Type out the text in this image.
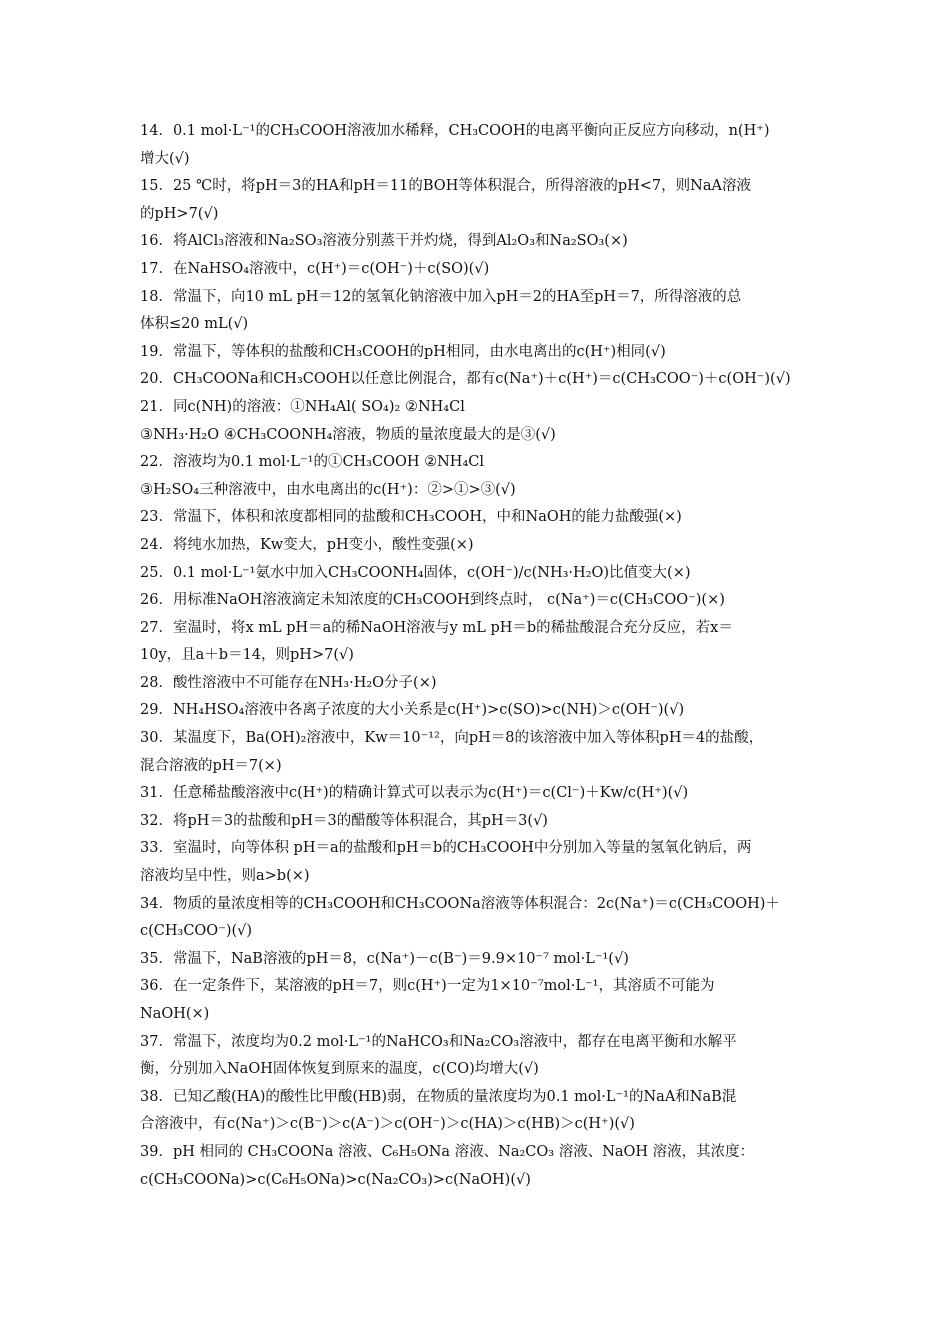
14．0.1 mol·L⁻¹的CH₃COOH溶液加水稀释，CH₃COOH的电离平衡向正反应方向移动，n(H⁺)
增大(√)
15．25 ℃时，将pH＝3的HA和pH＝11的BOH等体积混合，所得溶液的pH<7，则NaA溶液
的pH>7(√)
16．将AlCl₃溶液和Na₂SO₃溶液分别蒸干并灼烧，得到Al₂O₃和Na₂SO₃(×)
17．在NaHSO₄溶液中，c(H⁺)＝c(OH⁻)＋c(SO)(√)
18．常温下，向10 mL pH＝12的氢氧化钠溶液中加入pH＝2的HA至pH＝7，所得溶液的总
体积≤20 mL(√)
19．常温下，等体积的盐酸和CH₃COOH的pH相同，由水电离出的c(H⁺)相同(√)
20．CH₃COONa和CH₃COOH以任意比例混合，都有c(Na⁺)＋c(H⁺)＝c(CH₃COO⁻)＋c(OH⁻)(√)
21．同c(NH)的溶液：①NH₄Al( SO₄)₂ ②NH₄Cl
③NH₃·H₂O ④CH₃COONH₄溶液，物质的量浓度最大的是③(√)
22．溶液均为0.1 mol·L⁻¹的①CH₃COOH ②NH₄Cl
③H₂SO₄三种溶液中，由水电离出的c(H⁺)：②>①>③(√)
23．常温下，体积和浓度都相同的盐酸和CH₃COOH，中和NaOH的能力盐酸强(×)
24．将纯水加热，Kw变大，pH变小，酸性变强(×)
25．0.1 mol·L⁻¹氨水中加入CH₃COONH₄固体，c(OH⁻)/c(NH₃·H₂O)比值变大(×)
26．用标准NaOH溶液滴定未知浓度的CH₃COOH到终点时， c(Na⁺)＝c(CH₃COO⁻)(×)
27．室温时，将x mL pH＝a的稀NaOH溶液与y mL pH＝b的稀盐酸混合充分反应，若x＝
10y，且a＋b＝14，则pH>7(√)
28．酸性溶液中不可能存在NH₃·H₂O分子(×)
29．NH₄HSO₄溶液中各离子浓度的大小关系是c(H⁺)>c(SO)>c(NH)＞c(OH⁻)(√)
30．某温度下，Ba(OH)₂溶液中，Kw＝10⁻¹²，向pH＝8的该溶液中加入等体积pH＝4的盐酸，
混合溶液的pH＝7(×)
31．任意稀盐酸溶液中c(H⁺)的精确计算式可以表示为c(H⁺)＝c(Cl⁻)＋Kw/c(H⁺)(√)
32．将pH＝3的盐酸和pH＝3的醋酸等体积混合，其pH＝3(√)
33．室温时，向等体积 pH＝a的盐酸和pH＝b的CH₃COOH中分别加入等量的氢氧化钠后，两
溶液均呈中性，则a>b(×)
34．物质的量浓度相等的CH₃COOH和CH₃COONa溶液等体积混合：2c(Na⁺)＝c(CH₃COOH)＋
c(CH₃COO⁻)(√)
35．常温下，NaB溶液的pH＝8，c(Na⁺)－c(B⁻)＝9.9×10⁻⁷ mol·L⁻¹(√)
36．在一定条件下，某溶液的pH＝7，则c(H⁺)一定为1×10⁻⁷mol·L⁻¹，其溶质不可能为
NaOH(×)
37．常温下，浓度均为0.2 mol·L⁻¹的NaHCO₃和Na₂CO₃溶液中，都存在电离平衡和水解平
衡，分别加入NaOH固体恢复到原来的温度，c(CO)均增大(√)
38．已知乙酸(HA)的酸性比甲酸(HB)弱，在物质的量浓度均为0.1 mol·L⁻¹的NaA和NaB混
合溶液中，有c(Na⁺)＞c(B⁻)＞c(A⁻)＞c(OH⁻)＞c(HA)＞c(HB)＞c(H⁺)(√)
39．pH 相同的 CH₃COONa 溶液、C₆H₅ONa 溶液、Na₂CO₃ 溶液、NaOH 溶液，其浓度：
c(CH₃COONa)>c(C₆H₅ONa)>c(Na₂CO₃)>c(NaOH)(√)
